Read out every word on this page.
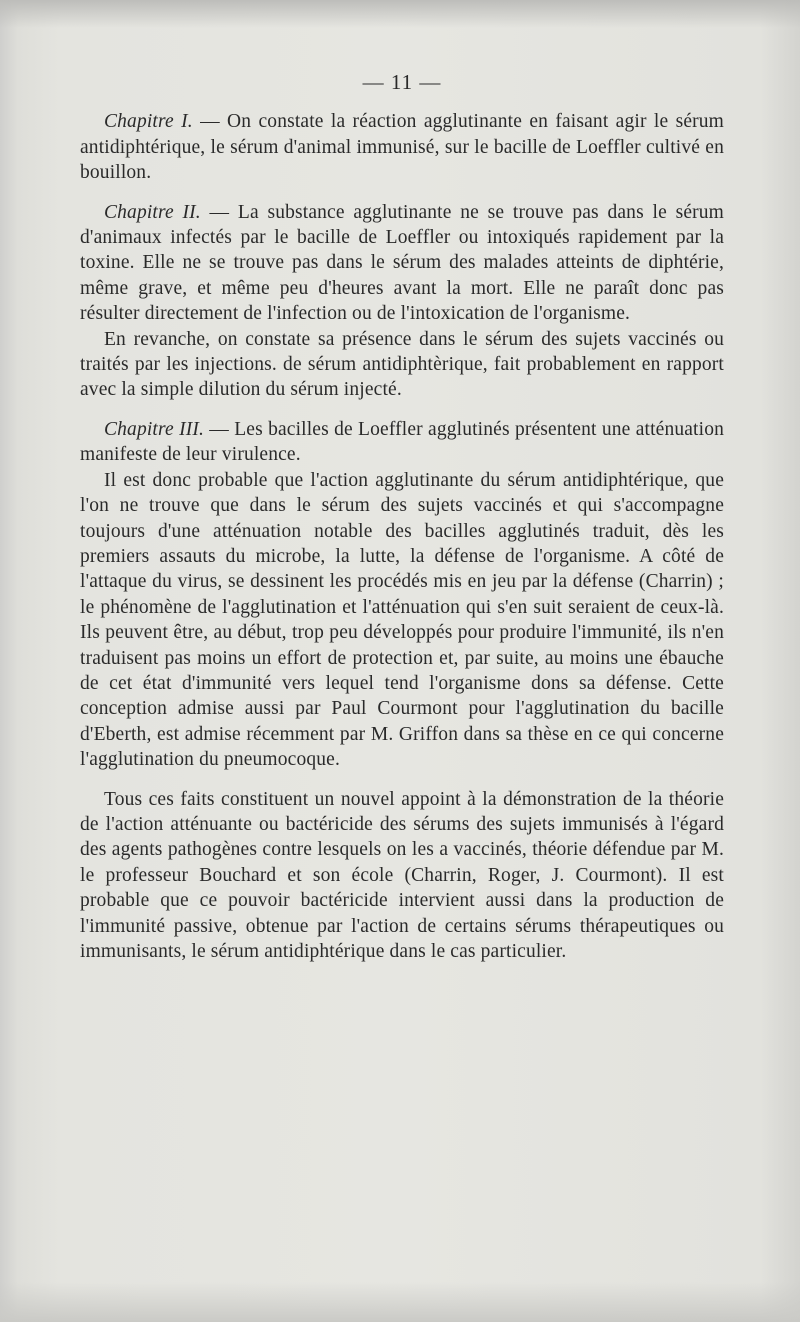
— 11 —

Chapitre I. — On constate la réaction agglutinante en faisant agir le sérum antidiphtérique, le sérum d'animal immunisé, sur le bacille de Loeffler cultivé en bouillon.

Chapitre II. — La substance agglutinante ne se trouve pas dans le sérum d'animaux infectés par le bacille de Loeffler ou intoxiqués rapidement par la toxine. Elle ne se trouve pas dans le sérum des malades atteints de diphtérie, même grave, et même peu d'heures avant la mort. Elle ne paraît donc pas résulter directement de l'infection ou de l'intoxication de l'organisme.

En revanche, on constate sa présence dans le sérum des sujets vaccinés ou traités par les injections. de sérum antidiphtèrique, fait probablement en rapport avec la simple dilution du sérum injecté.

Chapitre III. — Les bacilles de Loeffler agglutinés présentent une atténuation manifeste de leur virulence.

Il est donc probable que l'action agglutinante du sérum antidiphtérique, que l'on ne trouve que dans le sérum des sujets vaccinés et qui s'accompagne toujours d'une atténuation notable des bacilles agglutinés traduit, dès les premiers assauts du microbe, la lutte, la défense de l'organisme. A côté de l'attaque du virus, se dessinent les procédés mis en jeu par la défense (Charrin) ; le phénomène de l'agglutination et l'atténuation qui s'en suit seraient de ceux-là. Ils peuvent être, au début, trop peu développés pour produire l'immunité, ils n'en traduisent pas moins un effort de protection et, par suite, au moins une ébauche de cet état d'immunité vers lequel tend l'organisme dons sa défense. Cette conception admise aussi par Paul Courmont pour l'agglutination du bacille d'Eberth, est admise récemment par M. Griffon dans sa thèse en ce qui concerne l'agglutination du pneumocoque.

Tous ces faits constituent un nouvel appoint à la démonstration de la théorie de l'action atténuante ou bactéricide des sérums des sujets immunisés à l'égard des agents pathogènes contre lesquels on les a vaccinés, théorie défendue par M. le professeur Bouchard et son école (Charrin, Roger, J. Courmont). Il est probable que ce pouvoir bactéricide intervient aussi dans la production de l'immunité passive, obtenue par l'action de certains sérums thérapeutiques ou immunisants, le sérum antidiphtérique dans le cas particulier.
